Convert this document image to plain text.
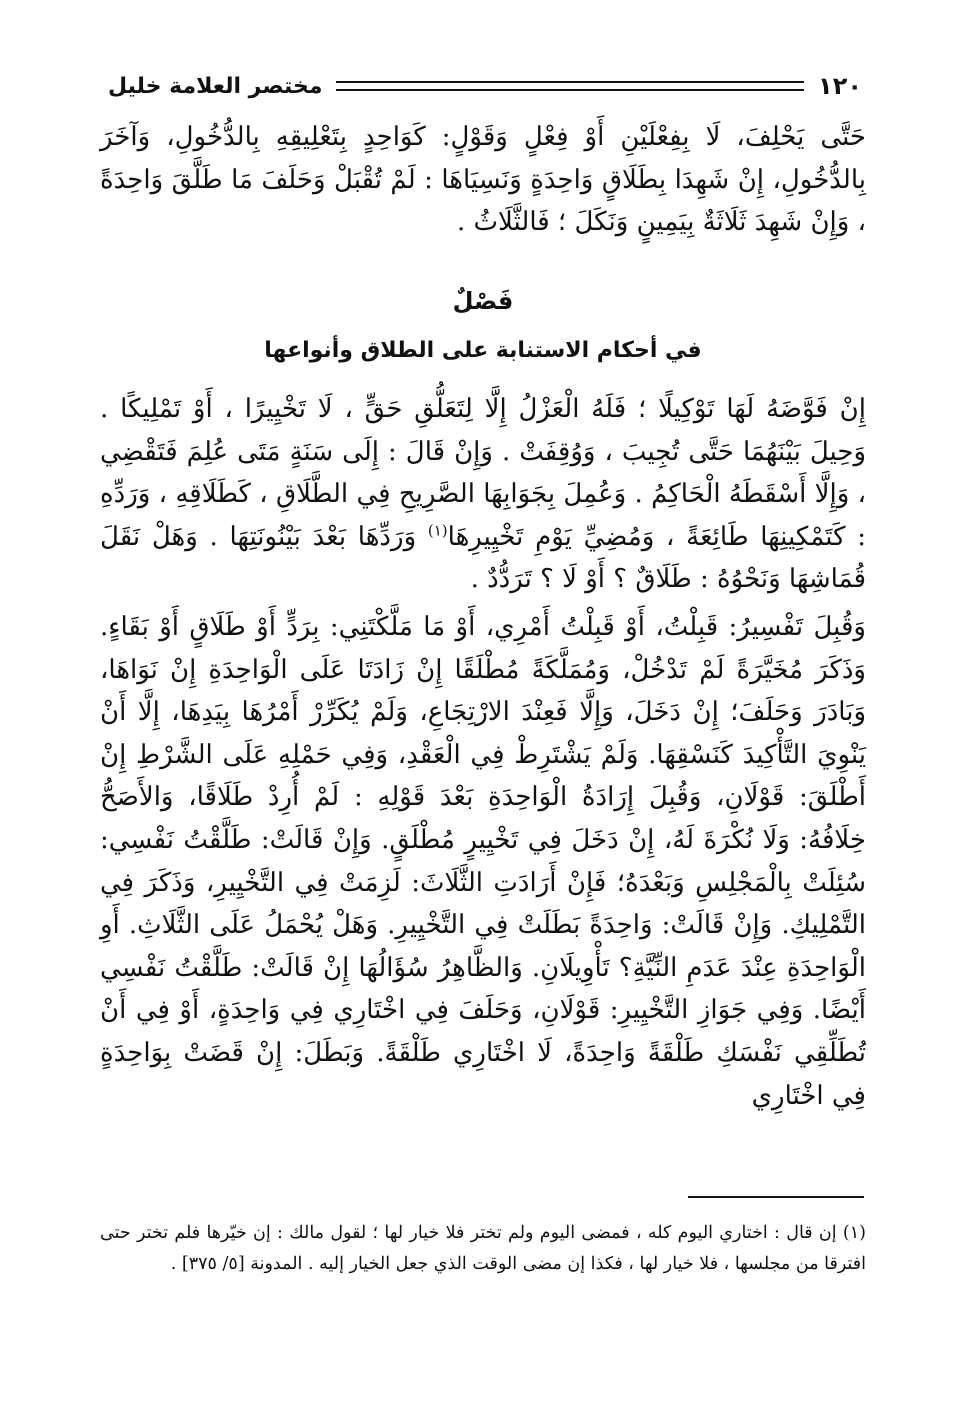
مختصر العلامة خليل	١٢٠

حَتَّى يَحْلِفَ، لَا بِفِعْلَيْنِ أَوْ فِعْلٍ وَقَوْلٍ: كَوَاحِدٍ بِتَعْلِيقِهِ بِالدُّخُولِ، وَآخَرَ بِالدُّخُولِ، إِنْ شَهِدَا بِطَلَاقٍ وَاحِدَةٍ وَنَسِيَاهَا : لَمْ تُقْبَلْ وَحَلَفَ مَا طَلَّقَ وَاحِدَةً ، وَإِنْ شَهِدَ ثَلَاثَةٌ بِيَمِينٍ وَنَكَلَ ؛ فَالثَّلَاثُ .

فَصْلٌ
في أحكام الاستنابة على الطلاق وأنواعها

إِنْ فَوَّضَهُ لَهَا تَوْكِيلًا ؛ فَلَهُ الْعَزْلُ إِلَّا لِتَعَلُّقِ حَقٍّ ، لَا تَخْيِيرًا ، أَوْ تَمْلِيكًا . وَحِيلَ بَيْنَهُمَا حَتَّى تُجِيبَ ، وَوُقِفَتْ . وَإِنْ قَالَ : إِلَى سَنَةٍ مَتَى عُلِمَ فَتَقْضِي ، وَإِلَّا أَسْقَطَهُ الْحَاكِمُ . وَعُمِلَ بِجَوَابِهَا الصَّرِيحِ فِي الطَّلَاقِ ، كَطَلَاقِهِ ، وَرَدِّهِ : كَتَمْكِينِهَا طَائِعَةً ، وَمُضِيِّ يَوْمِ تَخْيِيرِهَا$^{(١)}$ وَرَدِّهَا بَعْدَ بَيْنُونَتِهَا . وَهَلْ نَقَلَ قُمَاشِهَا وَنَحْوُهُ : طَلَاقٌ ؟ أَوْ لَا ؟ تَرَدُّدٌ .

وَقُبِلَ تَفْسِيرُ: قَبِلْتُ، أَوْ قَبِلْتُ أَمْرِي، أَوْ مَا مَلَّكْتَنِي: بِرَدٍّ أَوْ طَلَاقٍ أَوْ بَقَاءٍ. وَذَكَرَ مُخَيَّرَةً لَمْ تَدْخُلْ، وَمُمَلَّكَةً مُطْلَقًا إِنْ زَادَتَا عَلَى الْوَاحِدَةِ إِنْ نَوَاهَا، وَبَادَرَ وَحَلَفَ؛ إِنْ دَخَلَ، وَإِلَّا فَعِنْدَ الارْتِجَاعِ، وَلَمْ يُكَرِّرْ أَمْرُهَا بِيَدِهَا، إِلَّا أَنْ يَنْوِيَ التَّأْكِيدَ كَنَسْقِهَا. وَلَمْ يَشْتَرِطْ فِي الْعَقْدِ، وَفِي حَمْلِهِ عَلَى الشَّرْطِ إِنْ أَطْلَقَ: قَوْلَانِ، وَقُبِلَ إِرَادَةُ الْوَاحِدَةِ بَعْدَ قَوْلِهِ : لَمْ أُرِدْ طَلَاقًا، وَالأَصَحُّ خِلَافُهُ: وَلَا نُكْرَةَ لَهُ، إِنْ دَخَلَ فِي تَخْيِيرٍ مُطْلَقٍ. وَإِنْ قَالَتْ: طَلَّقْتُ نَفْسِي: سُئِلَتْ بِالْمَجْلِسِ وَبَعْدَهُ؛ فَإِنْ أَرَادَتِ الثَّلَاثَ: لَزِمَتْ فِي التَّخْيِيرِ، وَذَكَرَ فِي التَّمْلِيكِ. وَإِنْ قَالَتْ: وَاحِدَةً بَطَلَتْ فِي التَّخْيِيرِ. وَهَلْ يُحْمَلُ عَلَى الثَّلَاثِ. أَوِ الْوَاحِدَةِ عِنْدَ عَدَمِ النِّيَّةِ؟ تَأْوِيلَانِ. وَالظَّاهِرُ سُؤَالُهَا إِنْ قَالَتْ: طَلَّقْتُ نَفْسِي أَيْضًا. وَفِي جَوَازِ التَّخْيِيرِ: قَوْلَانِ، وَحَلَفَ فِي اخْتَارِي فِي وَاحِدَةٍ، أَوْ فِي أَنْ تُطَلِّقِي نَفْسَكِ طَلْقَةً وَاحِدَةً، لَا اخْتَارِي طَلْقَةً. وَبَطَلَ: إِنْ قَضَتْ بِوَاحِدَةٍ فِي اخْتَارِي

(١) إن قال : اختاري اليوم كله ، فمضى اليوم ولم تختر فلا خيار لها ؛ لقول مالك : إن خيّرها فلم تختر حتى افترقا من مجلسها ، فلا خيار لها ، فكذا إن مضى الوقت الذي جعل الخيار إليه . المدونة [٥/ ٣٧٥] .
